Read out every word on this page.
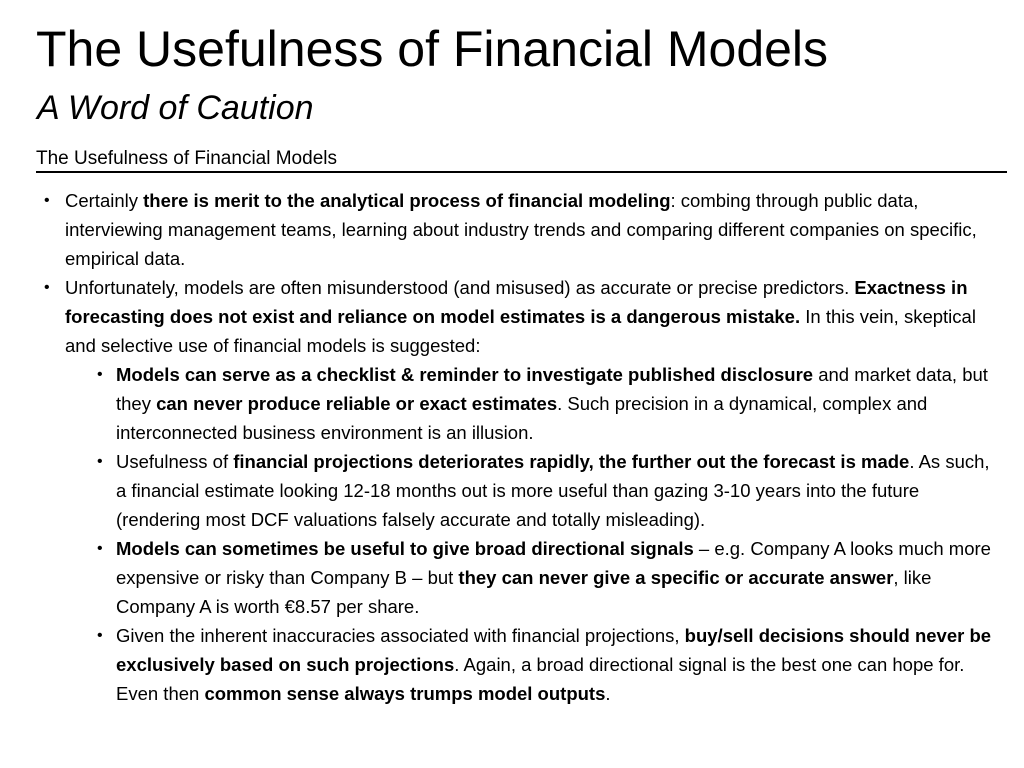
The Usefulness of Financial Models
A Word of Caution
The Usefulness of Financial Models
• Certainly there is merit to the analytical process of financial modeling: combing through public data, interviewing management teams, learning about industry trends and comparing different companies on specific, empirical data.
• Unfortunately, models are often misunderstood (and misused) as accurate or precise predictors. Exactness in forecasting does not exist and reliance on model estimates is a dangerous mistake. In this vein, skeptical and selective use of financial models is suggested:
• Models can serve as a checklist & reminder to investigate published disclosure and market data, but they can never produce reliable or exact estimates. Such precision in a dynamical, complex and interconnected business environment is an illusion.
• Usefulness of financial projections deteriorates rapidly, the further out the forecast is made. As such, a financial estimate looking 12-18 months out is more useful than gazing 3-10 years into the future (rendering most DCF valuations falsely accurate and totally misleading).
• Models can sometimes be useful to give broad directional signals – e.g. Company A looks much more expensive or risky than Company B – but they can never give a specific or accurate answer, like Company A is worth €8.57 per share.
• Given the inherent inaccuracies associated with financial projections, buy/sell decisions should never be exclusively based on such projections. Again, a broad directional signal is the best one can hope for. Even then common sense always trumps model outputs.
